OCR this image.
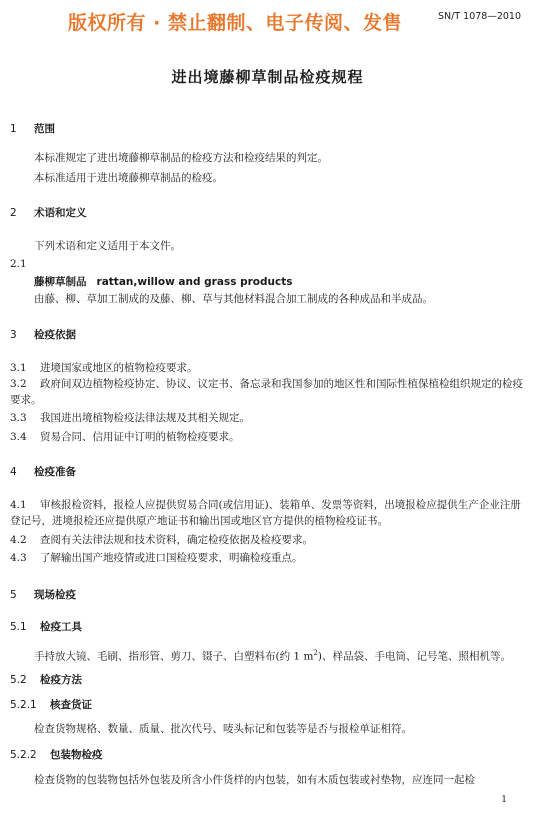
版权所有 · 禁止翻制、电子传阅、发售	SN/T 1078—2010
进出境藤柳草制品检疫规程
1 范围
本标准规定了进出境藤柳草制品的检疫方法和检疫结果的判定。
本标准适用于进出境藤柳草制品的检疫。
2 术语和定义
下列术语和定义适用于本文件。
2.1
藤柳草制品 rattan,willow and grass products
由藤、柳、草加工制成的及藤、柳、草与其他材料混合加工制成的各种成品和半成品。
3 检疫依据
3.1 进境国家或地区的植物检疫要求。
3.2 政府间双边植物检疫协定、协议、议定书、备忘录和我国参加的地区性和国际性植保植检组织规定的检疫要求。
3.3 我国进出境植物检疫法律法规及其相关规定。
3.4 贸易合同、信用证中订明的植物检疫要求。
4 检疫准备
4.1 审核报检资料，报检人应提供贸易合同(或信用证)、装箱单、发票等资料，出境报检应提供生产企业注册登记号，进境报检还应提供原产地证书和输出国或地区官方提供的植物检疫证书。
4.2 查阅有关法律法规和技术资料，确定检疫依据及检疫要求。
4.3 了解输出国产地疫情或进口国检疫要求，明确检疫重点。
5 现场检疫
5.1 检疫工具
手持放大镜、毛刷、指形管、剪刀、镊子、白塑料布(约 1 $m^2$)、样品袋、手电筒、记号笔、照相机等。
5.2 检疫方法
5.2.1 核查货证
检查货物规格、数量、质量、批次代号、唛头标记和包装等是否与报检单证相符。
5.2.2 包装物检疫
检查货物的包装物包括外包装及所含小件货样的内包装，如有木质包装或衬垫物，应连同一起检
1
